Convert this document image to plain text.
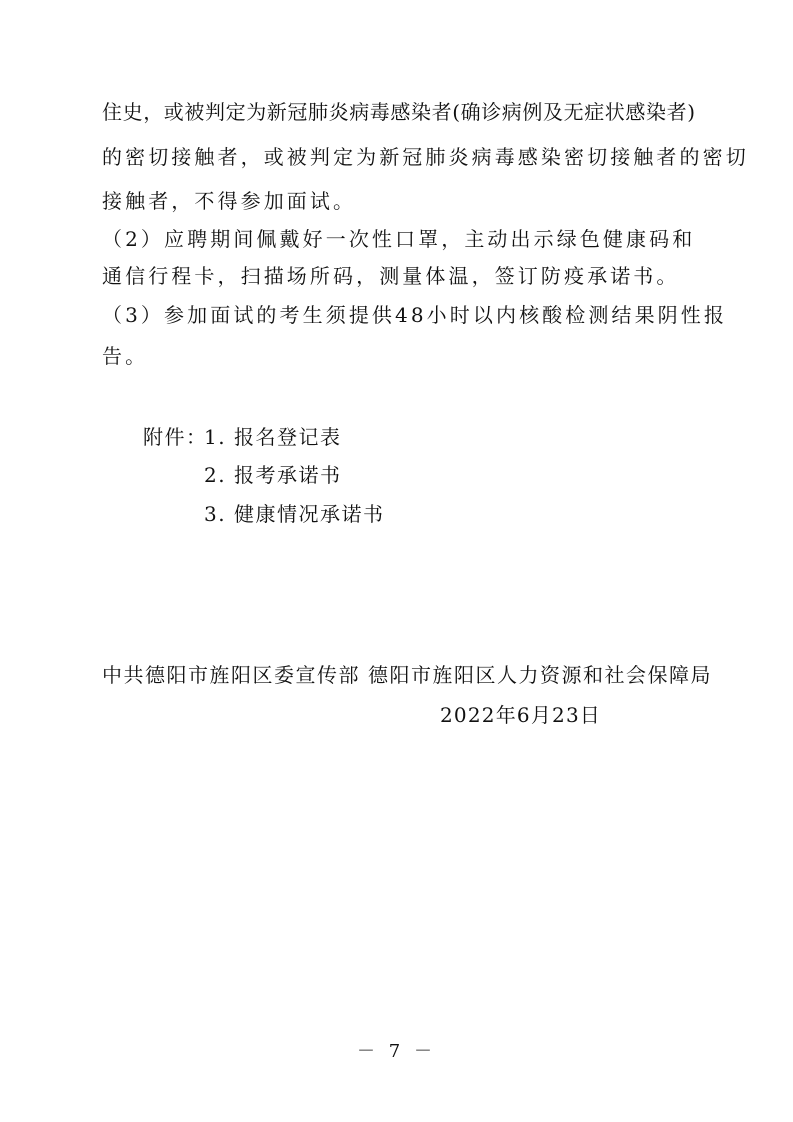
住史，或被判定为新冠肺炎病毒感染者(确诊病例及无症状感染者)
的密切接触者，或被判定为新冠肺炎病毒感染密切接触者的密切
接触者，不得参加面试。
（2）应聘期间佩戴好一次性口罩，主动出示绿色健康码和
通信行程卡，扫描场所码，测量体温，签订防疫承诺书。
（3）参加面试的考生须提供48小时以内核酸检测结果阴性报
告。
附件：
1. 报名登记表
2. 报考承诺书
3. 健康情况承诺书
中共德阳市旌阳区委宣传部 德阳市旌阳区人力资源和社会保障局
2022年6月23日
－ 7 －
